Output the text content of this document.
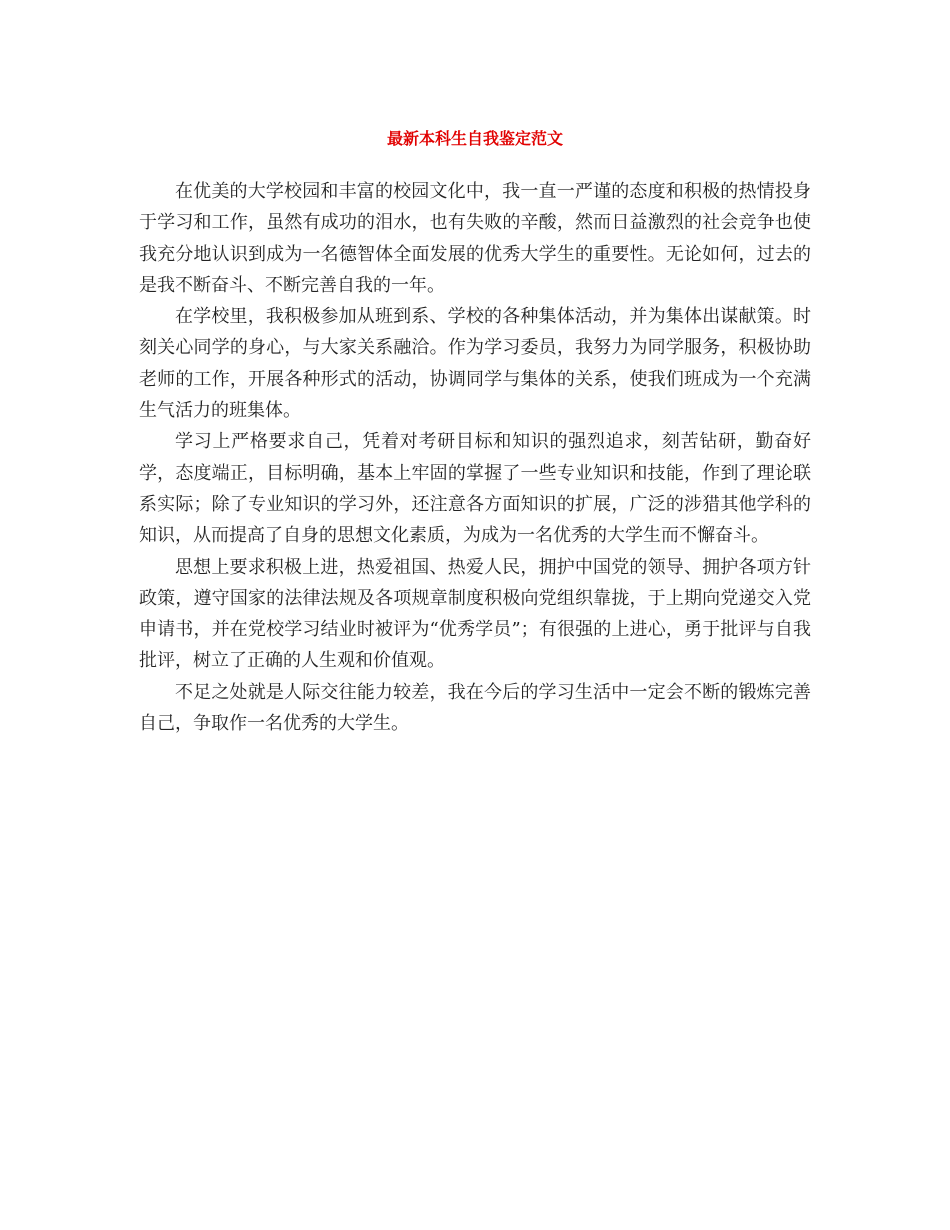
最新本科生自我鉴定范文

在优美的大学校园和丰富的校园文化中，我一直一严谨的态度和积极的热情投身于学习和工作，虽然有成功的泪水，也有失败的辛酸，然而日益激烈的社会竞争也使我充分地认识到成为一名德智体全面发展的优秀大学生的重要性。无论如何，过去的是我不断奋斗、不断完善自我的一年。

在学校里，我积极参加从班到系、学校的各种集体活动，并为集体出谋献策。时刻关心同学的身心，与大家关系融洽。作为学习委员，我努力为同学服务，积极协助老师的工作，开展各种形式的活动，协调同学与集体的关系，使我们班成为一个充满生气活力的班集体。

学习上严格要求自己，凭着对考研目标和知识的强烈追求，刻苦钻研，勤奋好学，态度端正，目标明确，基本上牢固的掌握了一些专业知识和技能，作到了理论联系实际；除了专业知识的学习外，还注意各方面知识的扩展，广泛的涉猎其他学科的知识，从而提高了自身的思想文化素质，为成为一名优秀的大学生而不懈奋斗。

思想上要求积极上进，热爱祖国、热爱人民，拥护中国党的领导、拥护各项方针政策，遵守国家的法律法规及各项规章制度积极向党组织靠拢，于上期向党递交入党申请书，并在党校学习结业时被评为“优秀学员”；有很强的上进心，勇于批评与自我批评，树立了正确的人生观和价值观。

不足之处就是人际交往能力较差，我在今后的学习生活中一定会不断的锻炼完善自己，争取作一名优秀的大学生。
